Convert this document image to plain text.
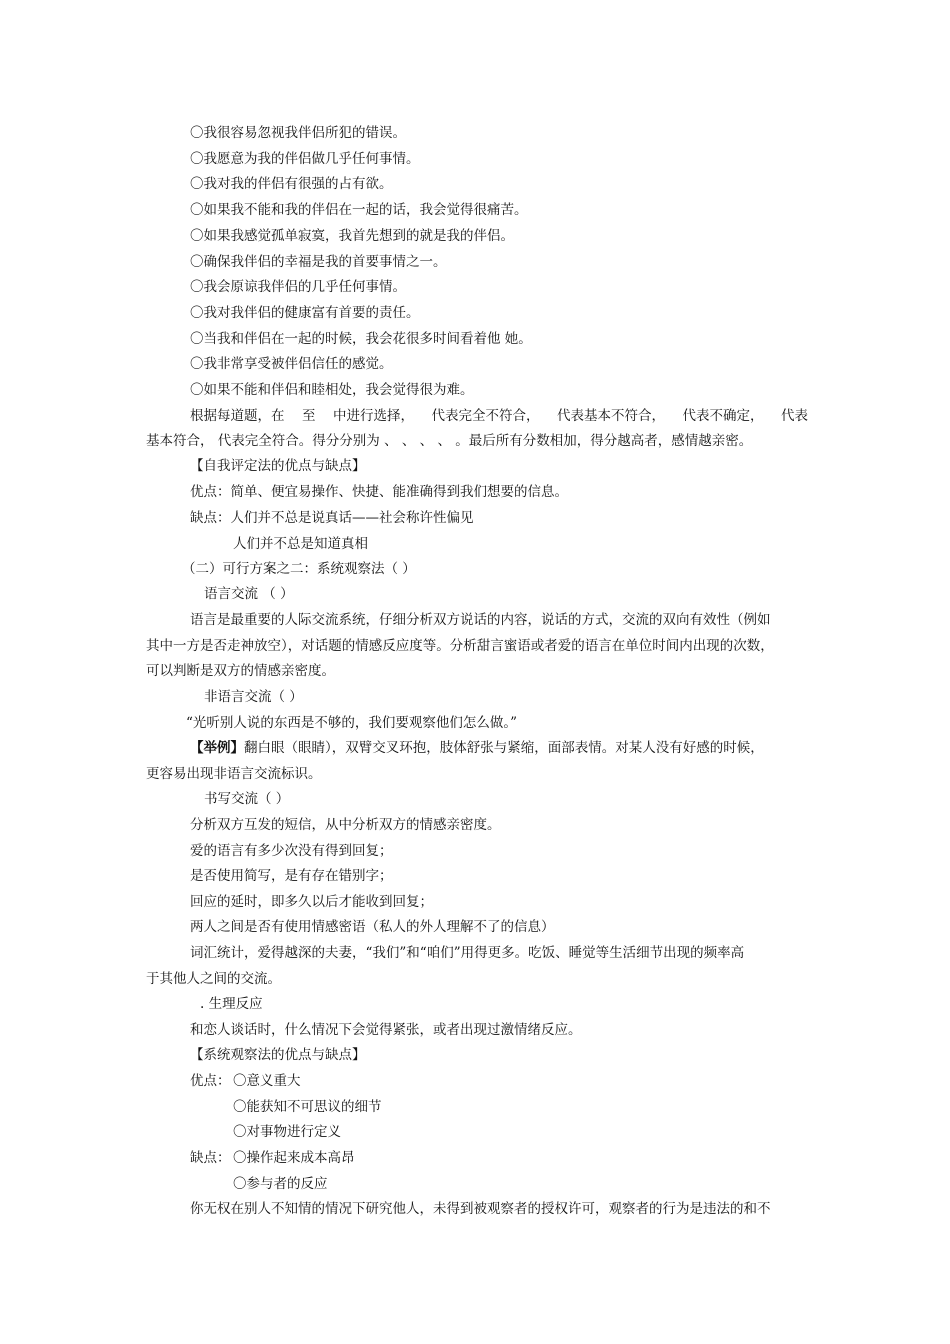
〇我很容易忽视我伴侣所犯的错误。
〇我愿意为我的伴侣做几乎任何事情。
〇我对我的伴侣有很强的占有欲。
〇如果我不能和我的伴侣在一起的话，我会觉得很痛苦。
〇如果我感觉孤单寂寞，我首先想到的就是我的伴侣。
〇确保我伴侣的幸福是我的首要事情之一。
〇我会原谅我伴侣的几乎任何事情。
〇我对我伴侣的健康富有首要的责任。
〇当我和伴侣在一起的时候，我会花很多时间看着他 她。
〇我非常享受被伴侣信任的感觉。
〇如果不能和伴侣和睦相处，我会觉得很为难。
根据每道题，在 至 中进行选择， 代表完全不符合， 代表基本不符合， 代表不确定， 代表
基本符合， 代表完全符合。得分分别为 、 、 、 、 。最后所有分数相加，得分越高者，感情越亲密。
【自我评定法的优点与缺点】
优点：简单、便宜易操作、快捷、能准确得到我们想要的信息。
缺点：人们并不总是说真话——社会称许性偏见
人们并不总是知道真相
（二）可行方案之二：系统观察法（ ）
语言交流 （ ）
语言是最重要的人际交流系统，仔细分析双方说话的内容，说话的方式，交流的双向有效性（例如
其中一方是否走神放空），对话题的情感反应度等。分析甜言蜜语或者爱的语言在单位时间内出现的次数，
可以判断是双方的情感亲密度。
非语言交流（ ）
“光听别人说的东西是不够的，我们要观察他们怎么做。”
【举例】翻白眼（眼睛），双臂交叉环抱，肢体舒张与紧缩，面部表情。对某人没有好感的时候，
更容易出现非语言交流标识。
书写交流（ ）
分析双方互发的短信，从中分析双方的情感亲密度。
爱的语言有多少次没有得到回复；
是否使用简写，是有存在错别字；
回应的延时，即多久以后才能收到回复；
两人之间是否有使用情感密语（私人的外人理解不了的信息）
词汇统计，爱得越深的夫妻，“我们”和“咱们”用得更多。吃饭、睡觉等生活细节出现的频率高
于其他人之间的交流。
. 生理反应
和恋人谈话时，什么情况下会觉得紧张，或者出现过激情绪反应。
【系统观察法的优点与缺点】
优点： 〇意义重大
〇能获知不可思议的细节
〇对事物进行定义
缺点： 〇操作起来成本高昂
〇参与者的反应
你无权在别人不知情的情况下研究他人，未得到被观察者的授权许可，观察者的行为是违法的和不
